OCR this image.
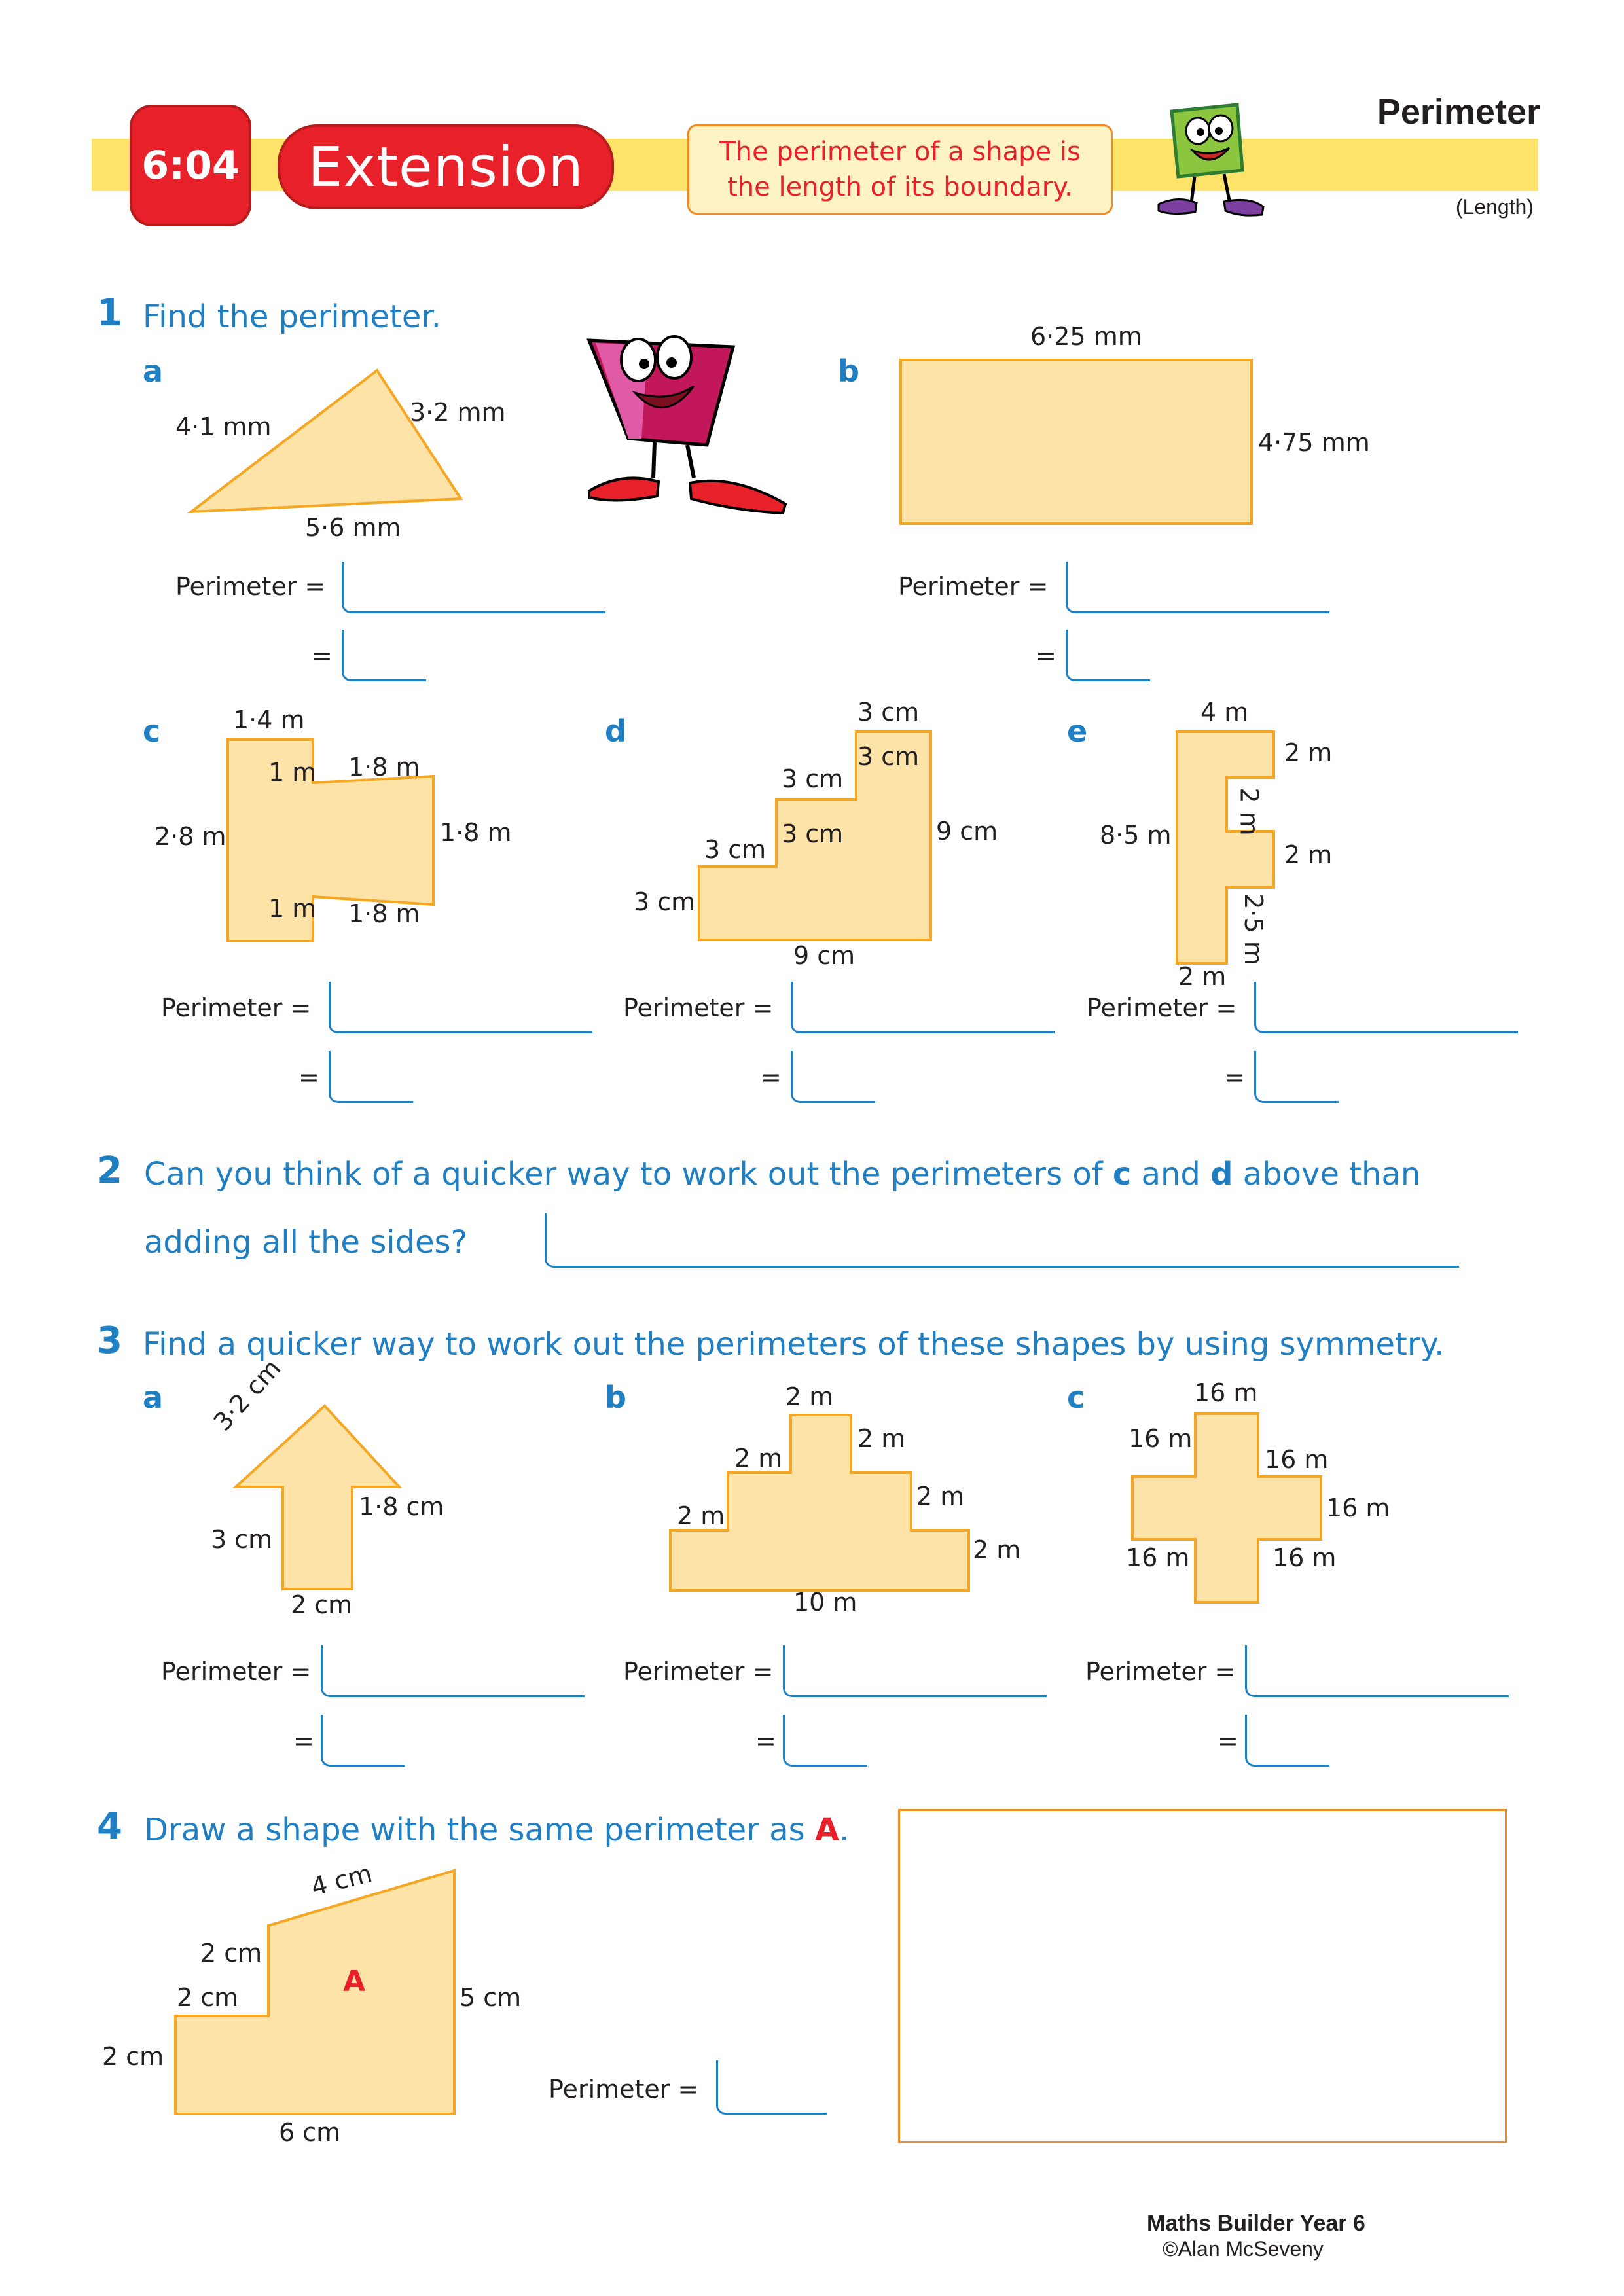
6:04 Extension	The perimeter of a shape is the length of its boundary.
Perimeter
(Length)
1 Find the perimeter.
a
4·1 mm	3·2 mm
5·6 mm
b
6·25 mm
4·75 mm
Perimeter =
=
Perimeter =
=
c	1·4 m
1 m 1·8 m
2·8 m	1·8 m
1 m 1·8 m
d
3 cm
3 cm
3 cm
3 cm
3 cm
9 cm
3 cm
9 cm
e
4 m
2 m
2 m
2 m
8·5 m
2·5 m
2 m
Perimeter =
=
Perimeter =
=
Perimeter =
=
2 Can you think of a quicker way to work out the perimeters of c and d above than
adding all the sides?
3 Find a quicker way to work out the perimeters of these shapes by using symmetry.
a 3·2 cm
1·8 cm
3 cm
2 cm
b	2 m
2 m
2 m
2 m
2 m
2 m
10 m
c	16 m
16 m
16 m
16 m
16 m	16 m
Perimeter =
=
Perimeter =
=
Perimeter =
=
4 Draw a shape with the same perimeter as A.
A
4 cm
2 cm
2 cm	5 cm
2 cm
6 cm
Perimeter =
Maths Builder Year 6
©Alan McSeveny
